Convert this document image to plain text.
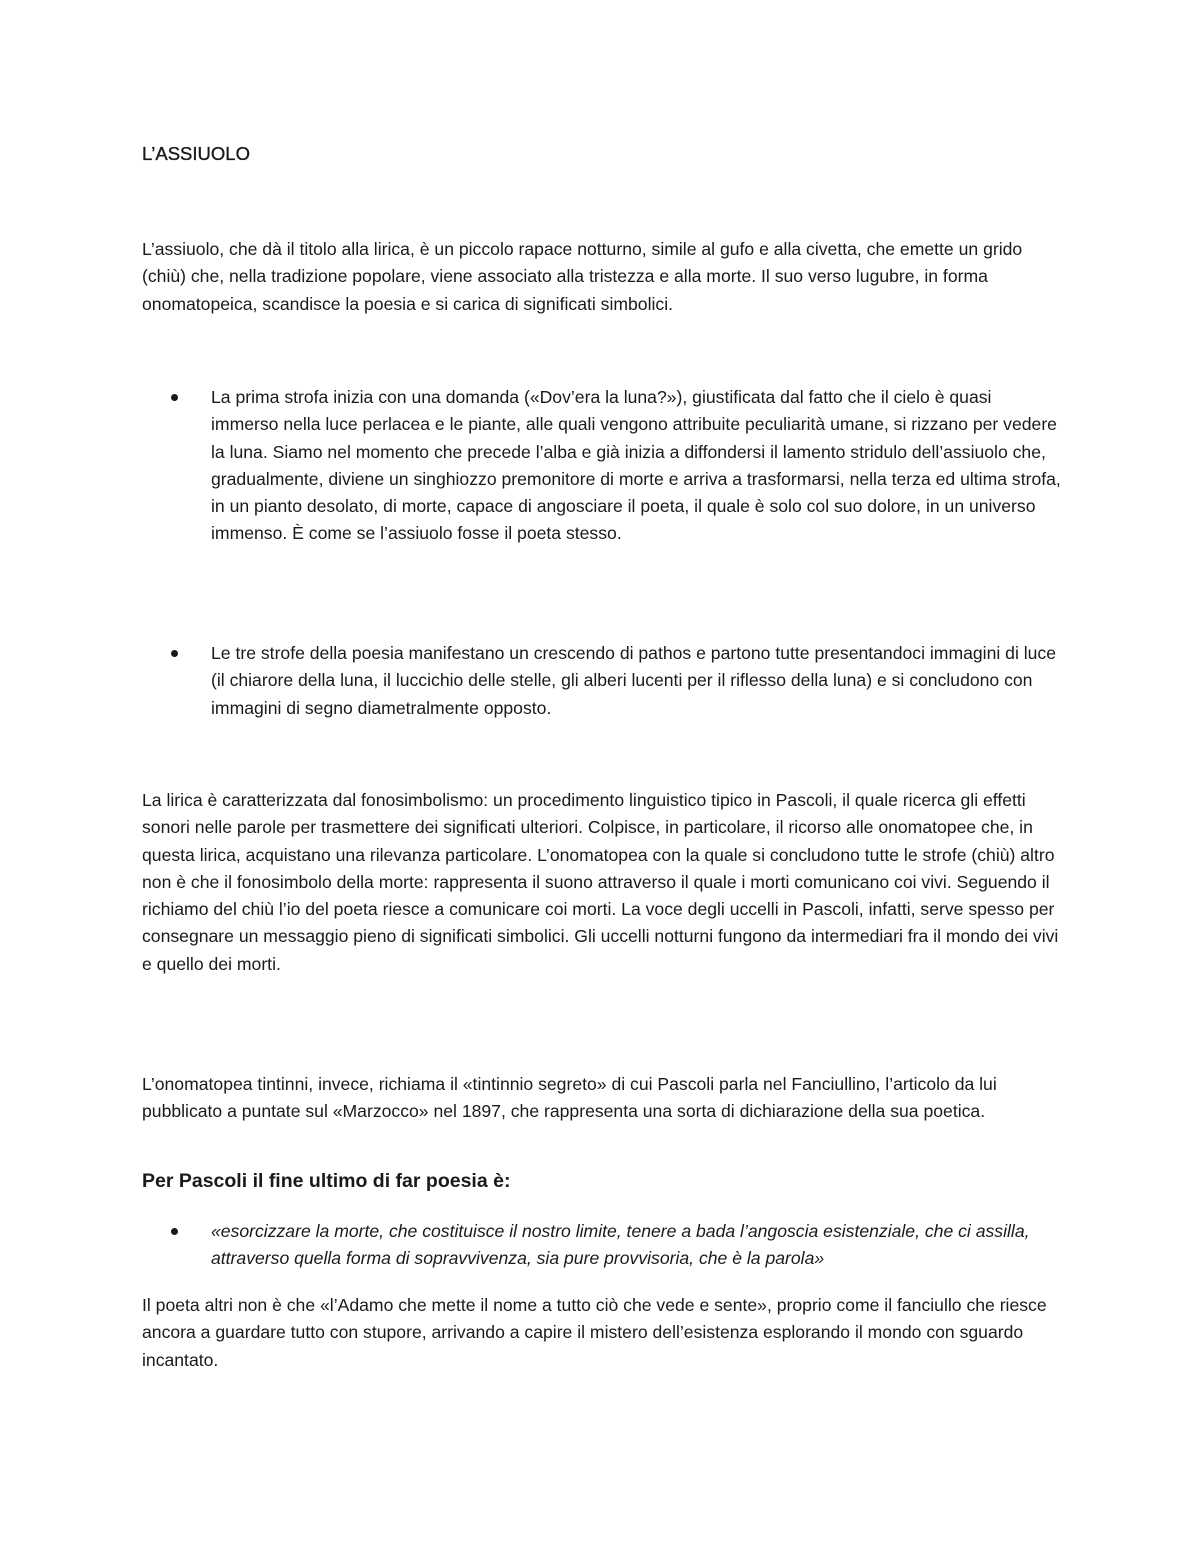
L’ASSIUOLO

L’assiuolo, che dà il titolo alla lirica, è un piccolo rapace notturno, simile al gufo e alla civetta, che emette un grido (chiù) che, nella tradizione popolare, viene associato alla tristezza e alla morte. Il suo verso lugubre, in forma onomatopeica, scandisce la poesia e si carica di significati simbolici.

La prima strofa inizia con una domanda («Dov’era la luna?»), giustificata dal fatto che il cielo è quasi immerso nella luce perlacea e le piante, alle quali vengono attribuite peculiarità umane, si rizzano per vedere la luna. Siamo nel momento che precede l’alba e già inizia a diffondersi il lamento stridulo dell’assiuolo che, gradualmente, diviene un singhiozzo premonitore di morte e arriva a trasformarsi, nella terza ed ultima strofa, in un pianto desolato, di morte, capace di angosciare il poeta, il quale è solo col suo dolore, in un universo immenso. È come se l’assiuolo fosse il poeta stesso.
Le tre strofe della poesia manifestano un crescendo di pathos e partono tutte presentandoci immagini di luce (il chiarore della luna, il luccichio delle stelle, gli alberi lucenti per il riflesso della luna) e si concludono con immagini di segno diametralmente opposto.

La lirica è caratterizzata dal fonosimbolismo: un procedimento linguistico tipico in Pascoli, il quale ricerca gli effetti sonori nelle parole per trasmettere dei significati ulteriori. Colpisce, in particolare, il ricorso alle onomatopee che, in questa lirica, acquistano una rilevanza particolare. L’onomatopea con la quale si concludono tutte le strofe (chiù) altro non è che il fonosimbolo della morte: rappresenta il suono attraverso il quale i morti comunicano coi vivi. Seguendo il richiamo del chiù l’io del poeta riesce a comunicare coi morti. La voce degli uccelli in Pascoli, infatti, serve spesso per consegnare un messaggio pieno di significati simbolici. Gli uccelli notturni fungono da intermediari fra il mondo dei vivi e quello dei morti.

L’onomatopea tintinni, invece, richiama il «tintinnio segreto» di cui Pascoli parla nel Fanciullino, l’articolo da lui pubblicato a puntate sul «Marzocco» nel 1897, che rappresenta una sorta di dichiarazione della sua poetica.

Per Pascoli il fine ultimo di far poesia è:
«esorcizzare la morte, che costituisce il nostro limite, tenere a bada l’angoscia esistenziale, che ci assilla, attraverso quella forma di sopravvivenza, sia pure provvisoria, che è la parola»

Il poeta altri non è che «l’Adamo che mette il nome a tutto ciò che vede e sente», proprio come il fanciullo che riesce ancora a guardare tutto con stupore, arrivando a capire il mistero dell’esistenza esplorando il mondo con sguardo incantato.
